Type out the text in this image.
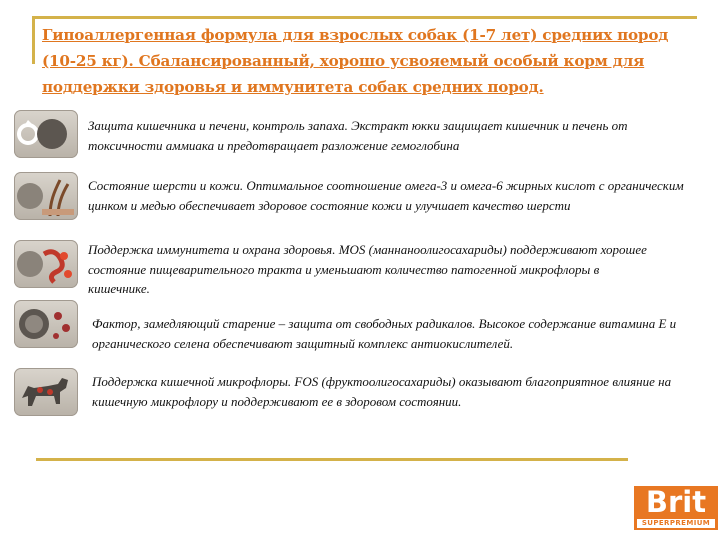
Гипоаллергенная формула для взрослых собак (1-7 лет) средних пород (10-25 кг). Сбалансированный, хорошо усвояемый особый корм для поддержки здоровья и иммунитета собак средних пород.
Защита кишечника и печени, контроль запаха. Экстракт юкки защищает кишечник и печень от токсичности аммиака и предотвращает разложение гемоглобина
Состояние шерсти и кожи. Оптимальное соотношение омега-3 и омега-6 жирных кислот с органическим цинком и медью обеспечивает здоровое состояние кожи и улучшает качество шерсти
Поддержка иммунитета и охрана здоровья. MOS (маннаноолигосахариды) поддерживают хорошее состояние пищеварительного тракта и уменьшают количество патогенной микрофлоры в кишечнике.
Фактор, замедляющий старение – защита от свободных радикалов. Высокое содержание витамина Е и органического селена обеспечивают защитный комплекс антиокислителей.
Поддержка кишечной микрофлоры. FOS (фруктоолигосахариды) оказывают благоприятное влияние на кишечную микрофлору и поддерживают ее в здоровом состоянии.
Brit
SUPERPREMIUM
